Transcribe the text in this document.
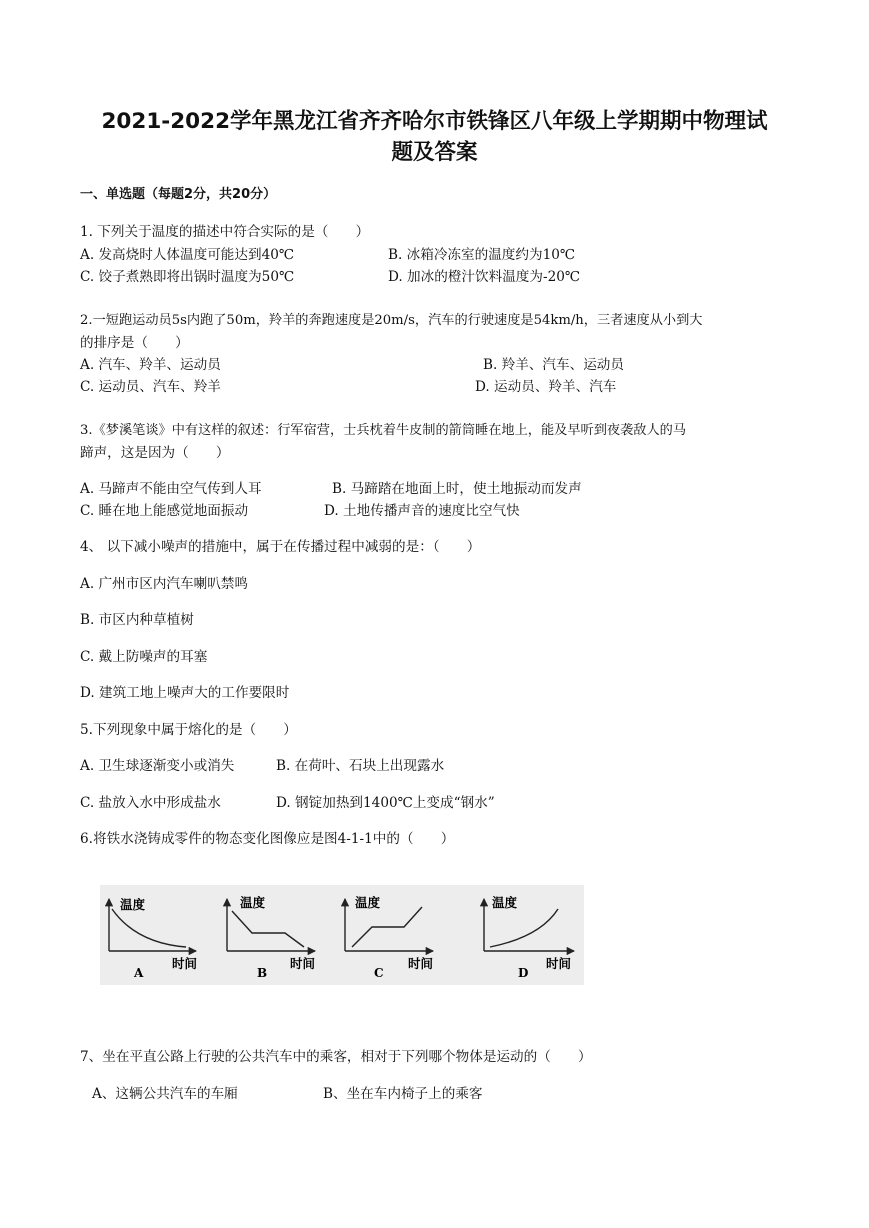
2021-2022学年黑龙江省齐齐哈尔市铁锋区八年级上学期期中物理试
题及答案
一、单选题（每题2分，共20分）
1. 下列关于温度的描述中符合实际的是（　　）
A. 发高烧时人体温度可能达到40℃	B. 冰箱冷冻室的温度约为10℃
C. 饺子煮熟即将出锅时温度为50℃	D. 加冰的橙汁饮料温度为-20℃
2.一短跑运动员5s内跑了50m，羚羊的奔跑速度是20m/s，汽车的行驶速度是54km/h，三者速度从小到大
的排序是（　　）
A. 汽车、羚羊、运动员	B. 羚羊、汽车、运动员
C. 运动员、汽车、羚羊	D. 运动员、羚羊、汽车
3.《梦溪笔谈》中有这样的叙述：行军宿营，士兵枕着牛皮制的箭筒睡在地上，能及早听到夜袭敌人的马
蹄声，这是因为（　　）
A. 马蹄声不能由空气传到人耳	B. 马蹄踏在地面上时，使土地振动而发声
C. 睡在地上能感觉地面振动	D. 土地传播声音的速度比空气快
4、 以下减小噪声的措施中，属于在传播过程中减弱的是：（　　）
A. 广州市区内汽车喇叭禁鸣
B. 市区内种草植树
C. 戴上防噪声的耳塞
D. 建筑工地上噪声大的工作要限时
5.下列现象中属于熔化的是（　　）
A. 卫生球逐渐变小或消失	B. 在荷叶、石块上出现露水
C. 盐放入水中形成盐水	D. 钢锭加热到1400℃上变成“钢水”
6.将铁水浇铸成零件的物态变化图像应是图4-1-1中的（　　）
温度
时间
A
温度
时间
B
温度
时间
C
温度
时间
D
7、坐在平直公路上行驶的公共汽车中的乘客，相对于下列哪个物体是运动的（　　）
A、这辆公共汽车的车厢	B、坐在车内椅子上的乘客
